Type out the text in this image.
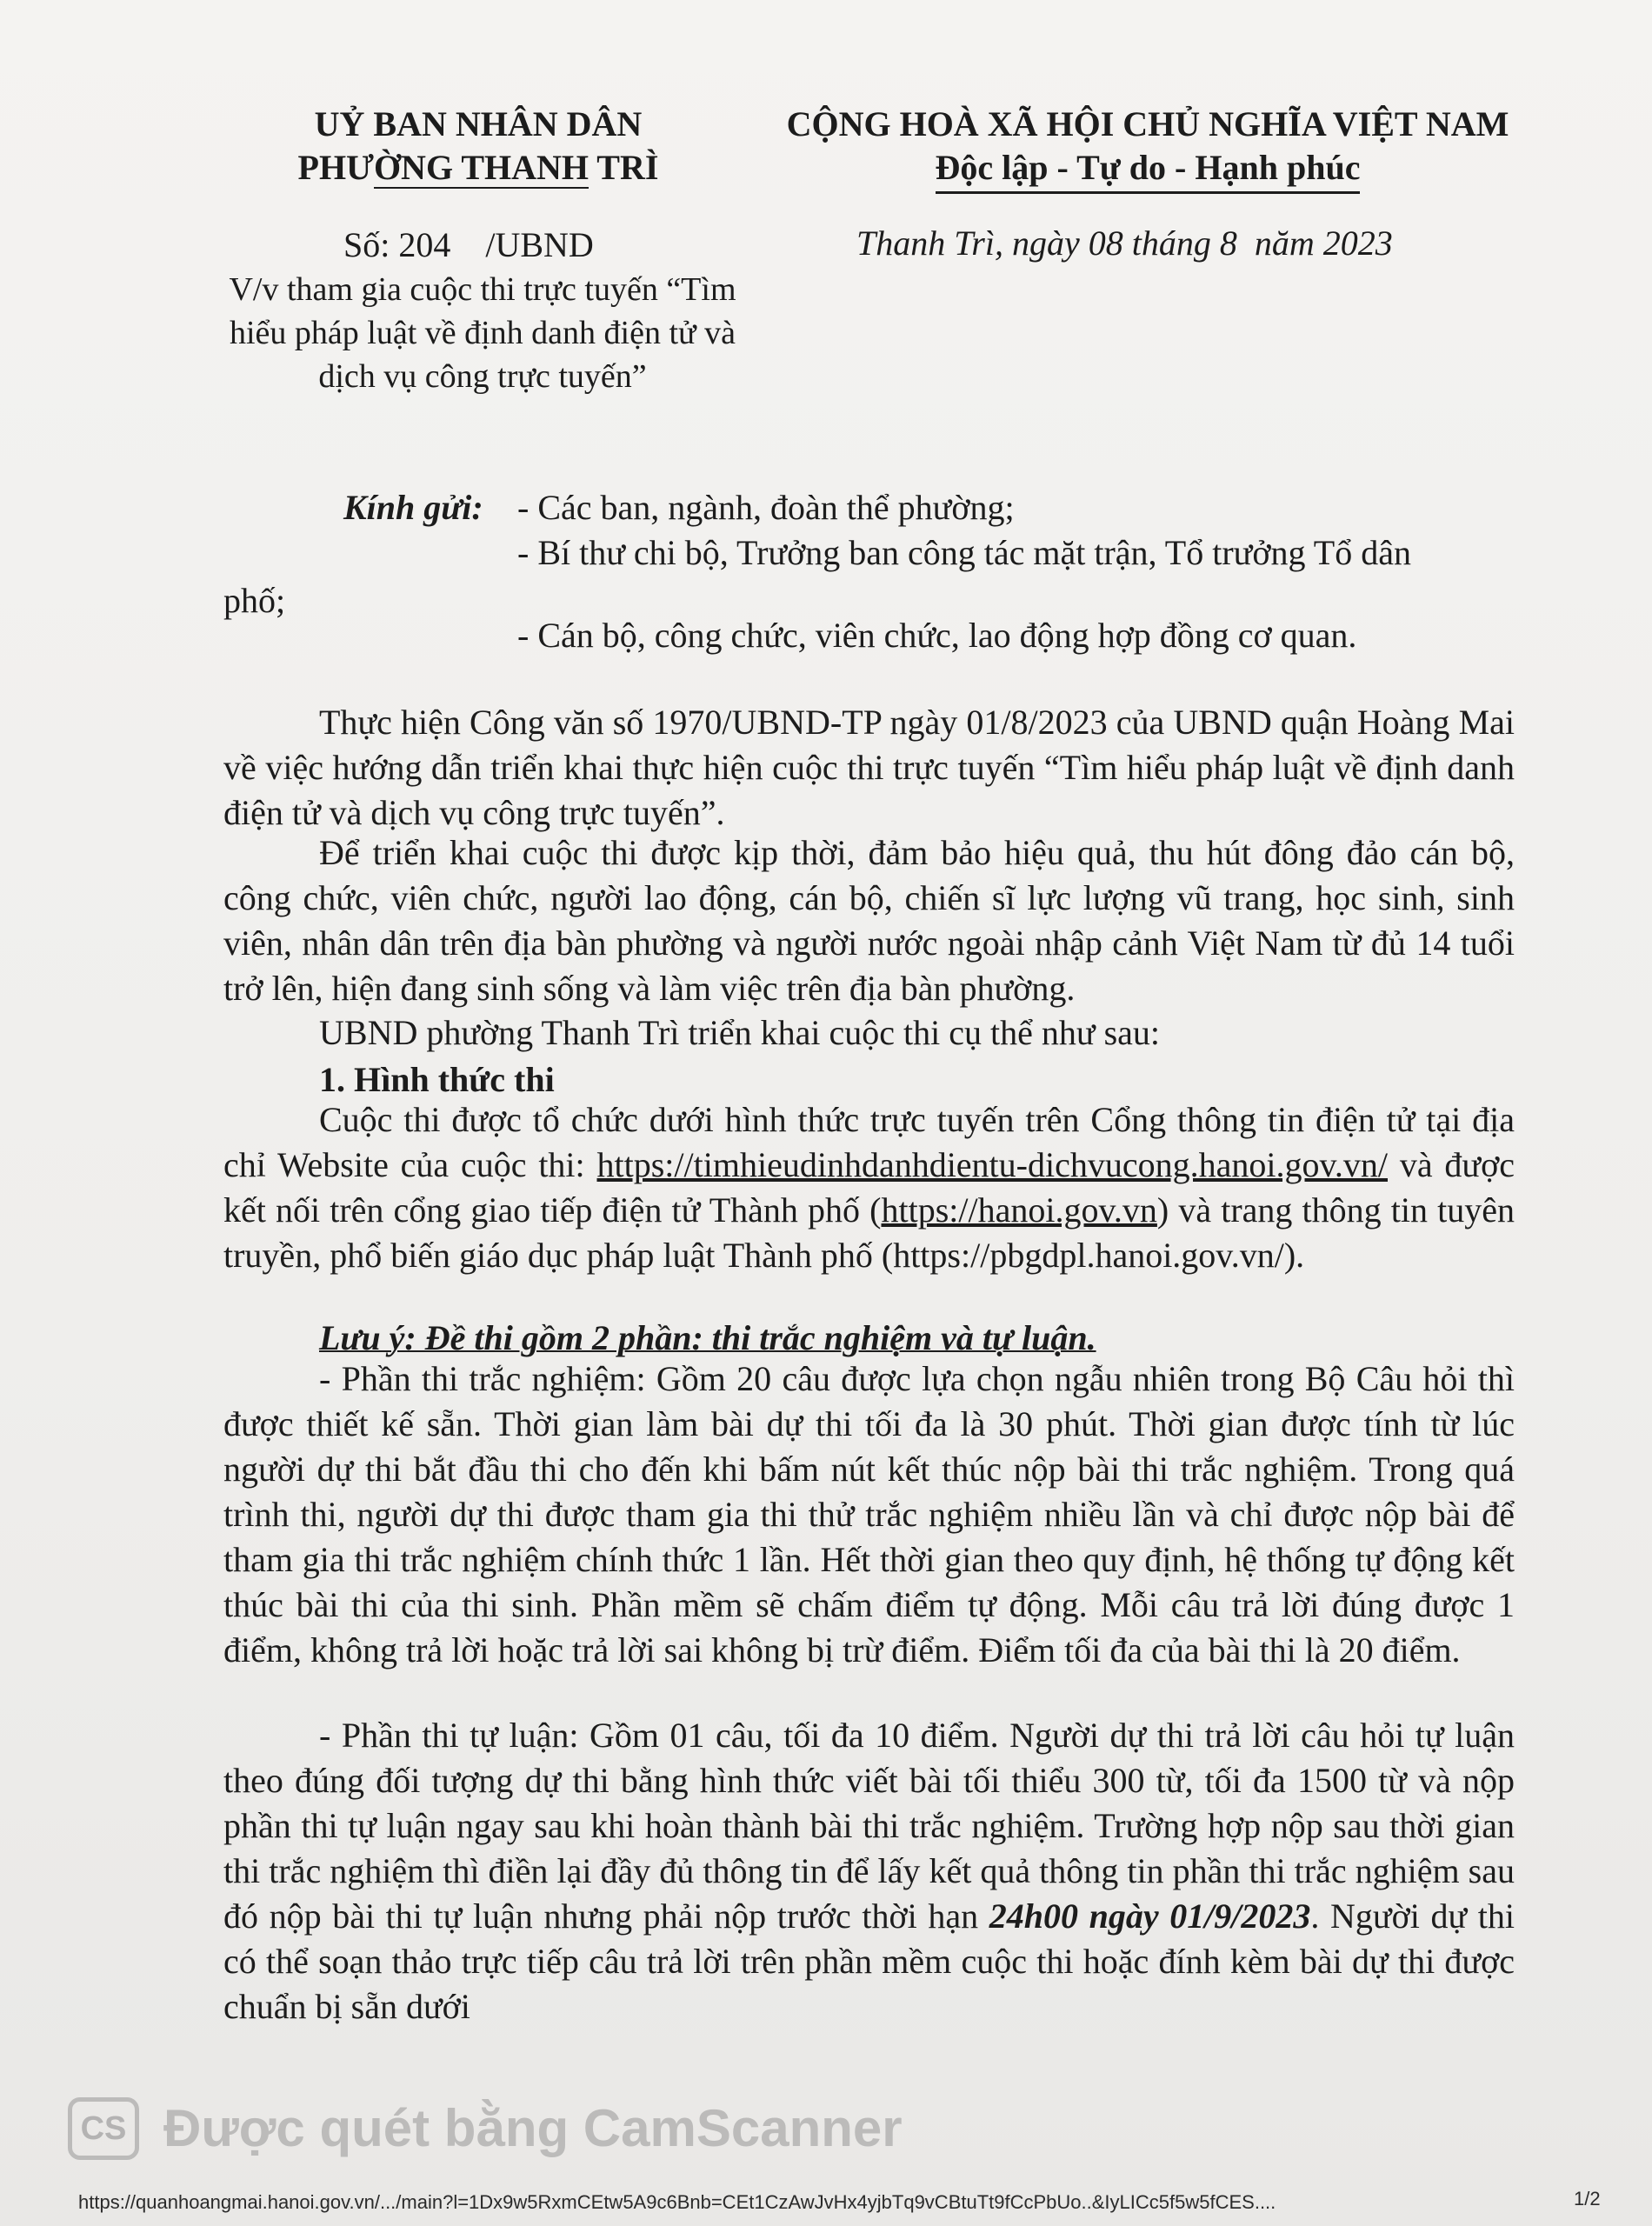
UỶ BAN NHÂN DÂN
PHƯỜNG THANH TRÌ
CỘNG HOÀ XÃ HỘI CHỦ NGHĨA VIỆT NAM
Độc lập - Tự do - Hạnh phúc
Số: 204    /UBND	Thanh Trì, ngày 08 tháng 8  năm 2023
V/v tham gia cuộc thi trực tuyến “Tìm hiểu pháp luật về định danh điện tử và dịch vụ công trực tuyến”
Kính gửi: - Các ban, ngành, đoàn thể phường;
- Bí thư chi bộ, Trưởng ban công tác mặt trận, Tổ trưởng Tổ dân
phố;
- Cán bộ, công chức, viên chức, lao động hợp đồng cơ quan.
Thực hiện Công văn số 1970/UBND-TP ngày 01/8/2023 của UBND quận Hoàng Mai về việc hướng dẫn triển khai thực hiện cuộc thi trực tuyến “Tìm hiểu pháp luật về định danh điện tử và dịch vụ công trực tuyến”.
Để triển khai cuộc thi được kịp thời, đảm bảo hiệu quả, thu hút đông đảo cán bộ, công chức, viên chức, người lao động, cán bộ, chiến sĩ lực lượng vũ trang, học sinh, sinh viên, nhân dân trên địa bàn phường và người nước ngoài nhập cảnh Việt Nam từ đủ 14 tuổi trở lên, hiện đang sinh sống và làm việc trên địa bàn phường.
UBND phường Thanh Trì triển khai cuộc thi cụ thể như sau:
1. Hình thức thi
Cuộc thi được tổ chức dưới hình thức trực tuyến trên Cổng thông tin điện tử tại địa chỉ Website của cuộc thi: https://timhieudinhdanhdientu-dichvucong.hanoi.gov.vn/ và được kết nối trên cổng giao tiếp điện tử Thành phố (https://hanoi.gov.vn) và trang thông tin tuyên truyền, phổ biến giáo dục pháp luật Thành phố (https://pbgdpl.hanoi.gov.vn/).
Lưu ý: Đề thi gồm 2 phần: thi trắc nghiệm và tự luận.
- Phần thi trắc nghiệm: Gồm 20 câu được lựa chọn ngẫu nhiên trong Bộ Câu hỏi thì được thiết kế sẵn. Thời gian làm bài dự thi tối đa là 30 phút. Thời gian được tính từ lúc người dự thi bắt đầu thi cho đến khi bấm nút kết thúc nộp bài thi trắc nghiệm. Trong quá trình thi, người dự thi được tham gia thi thử trắc nghiệm nhiều lần và chỉ được nộp bài để tham gia thi trắc nghiệm chính thức 1 lần. Hết thời gian theo quy định, hệ thống tự động kết thúc bài thi của thi sinh. Phần mềm sẽ chấm điểm tự động. Mỗi câu trả lời đúng được 1 điểm, không trả lời hoặc trả lời sai không bị trừ điểm. Điểm tối đa của bài thi là 20 điểm.
- Phần thi tự luận: Gồm 01 câu, tối đa 10 điểm. Người dự thi trả lời câu hỏi tự luận theo đúng đối tượng dự thi bằng hình thức viết bài tối thiểu 300 từ, tối đa 1500 từ và nộp phần thi tự luận ngay sau khi hoàn thành bài thi trắc nghiệm. Trường hợp nộp sau thời gian thi trắc nghiệm thì điền lại đầy đủ thông tin để lấy kết quả thông tin phần thi trắc nghiệm sau đó nộp bài thi tự luận nhưng phải nộp trước thời hạn 24h00 ngày 01/9/2023. Người dự thi có thể soạn thảo trực tiếp câu trả lời trên phần mềm cuộc thi hoặc đính kèm bài dự thi được chuẩn bị sẵn dưới
CS Được quét bằng CamScanner
https://quanhoangmai.hanoi.gov.vn/.../main?l=1Dx9w5RxmCEtw5A9c6Bnb=CEt1CzAwJvHx4yjbTq9vCBtuTt9fCcPbUo..&IyLICc5f5w5fCES....	1/2
